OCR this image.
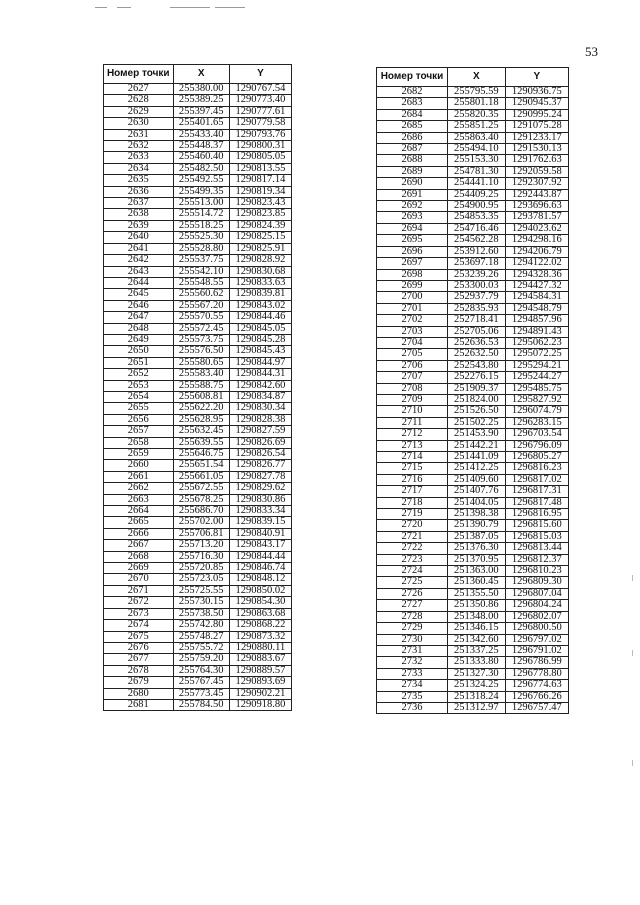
53
Номер точки	X	Y
2627	255380.00	1290767.54
2628	255389.25	1290773.40
2629	255397.45	1290777.61
2630	255401.65	1290779.58
2631	255433.40	1290793.76
2632	255448.37	1290800.31
2633	255460.40	1290805.05
2634	255482.50	1290813.55
2635	255492.55	1290817.14
2636	255499.35	1290819.34
2637	255513.00	1290823.43
2638	255514.72	1290823.85
2639	255518.25	1290824.39
2640	255525.30	1290825.15
2641	255528.80	1290825.91
2642	255537.75	1290828.92
2643	255542.10	1290830.68
2644	255548.55	1290833.63
2645	255560.62	1290839.81
2646	255567.20	1290843.02
2647	255570.55	1290844.46
2648	255572.45	1290845.05
2649	255573.75	1290845.28
2650	255576.50	1290845.43
2651	255580.65	1290844.97
2652	255583.40	1290844.31
2653	255588.75	1290842.60
2654	255608.81	1290834.87
2655	255622.20	1290830.34
2656	255628.95	1290828.38
2657	255632.45	1290827.59
2658	255639.55	1290826.69
2659	255646.75	1290826.54
2660	255651.54	1290826.77
2661	255661.05	1290827.78
2662	255672.55	1290829.62
2663	255678.25	1290830.86
2664	255686.70	1290833.34
2665	255702.00	1290839.15
2666	255706.81	1290840.91
2667	255713.20	1290843.17
2668	255716.30	1290844.44
2669	255720.85	1290846.74
2670	255723.05	1290848.12
2671	255725.55	1290850.02
2672	255730.15	1290854.30
2673	255738.50	1290863.68
2674	255742.80	1290868.22
2675	255748.27	1290873.32
2676	255755.72	1290880.11
2677	255759.20	1290883.67
2678	255764.30	1290889.57
2679	255767.45	1290893.69
2680	255773.45	1290902.21
2681	255784.50	1290918.80
Номер точки	X	Y
2682	255795.59	1290936.75
2683	255801.18	1290945.37
2684	255820.35	1290995.24
2685	255851.25	1291075.28
2686	255863.40	1291233.17
2687	255494.10	1291530.13
2688	255153.30	1291762.63
2689	254781.30	1292059.58
2690	254441.10	1292307.92
2691	254409.25	1292443.87
2692	254900.95	1293696.63
2693	254853.35	1293781.57
2694	254716.46	1294023.62
2695	254562.28	1294298.16
2696	253912.60	1294206.79
2697	253697.18	1294122.02
2698	253239.26	1294328.36
2699	253300.03	1294427.32
2700	252937.79	1294584.31
2701	252835.93	1294548.79
2702	252718.41	1294857.96
2703	252705.06	1294891.43
2704	252636.53	1295062.23
2705	252632.50	1295072.25
2706	252543.80	1295294.21
2707	252276.15	1295244.27
2708	251909.37	1295485.75
2709	251824.00	1295827.92
2710	251526.50	1296074.79
2711	251502.25	1296283.15
2712	251453.90	1296703.54
2713	251442.21	1296796.09
2714	251441.09	1296805.27
2715	251412.25	1296816.23
2716	251409.60	1296817.02
2717	251407.76	1296817.31
2718	251404.05	1296817.48
2719	251398.38	1296816.95
2720	251390.79	1296815.60
2721	251387.05	1296815.03
2722	251376.30	1296813.44
2723	251370.95	1296812.37
2724	251363.00	1296810.23
2725	251360.45	1296809.30
2726	251355.50	1296807.04
2727	251350.86	1296804.24
2728	251348.00	1296802.07
2729	251346.15	1296800.50
2730	251342.60	1296797.02
2731	251337.25	1296791.02
2732	251333.80	1296786.99
2733	251327.30	1296778.80
2734	251324.25	1296774.63
2735	251318.24	1296766.26
2736	251312.97	1296757.47
